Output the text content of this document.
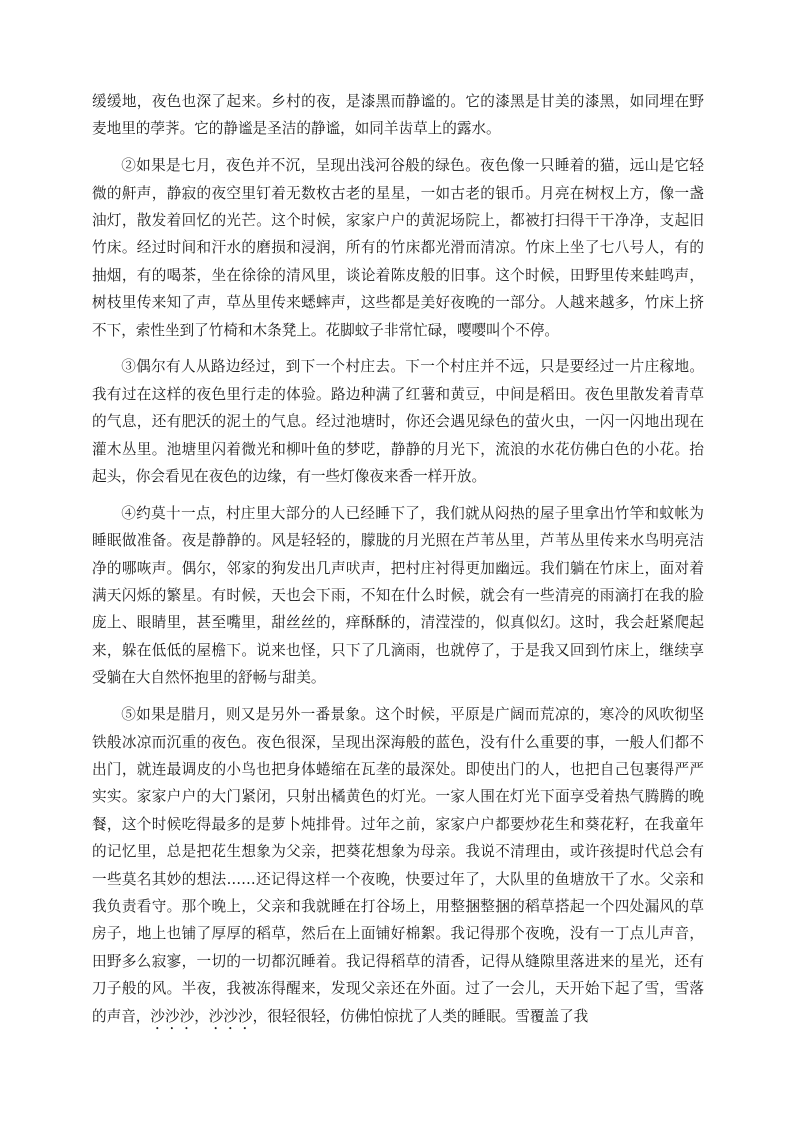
缓缓地，夜色也深了起来。乡村的夜，是漆黑而静谧的。它的漆黑是甘美的漆黑，如同埋在野麦地里的荸荠。它的静谧是圣洁的静谧，如同羊齿草上的露水。

②如果是七月，夜色并不沉，呈现出浅河谷般的绿色。夜色像一只睡着的猫，远山是它轻微的鼾声，静寂的夜空里钉着无数枚古老的星星，一如古老的银币。月亮在树杈上方，像一盏油灯，散发着回忆的光芒。这个时候，家家户户的黄泥场院上，都被打扫得干干净净，支起旧竹床。经过时间和汗水的磨损和浸润，所有的竹床都光滑而清凉。竹床上坐了七八号人，有的抽烟，有的喝茶，坐在徐徐的清风里，谈论着陈皮般的旧事。这个时候，田野里传来蛙鸣声，树枝里传来知了声，草丛里传来蟋蟀声，这些都是美好夜晚的一部分。人越来越多，竹床上挤不下，索性坐到了竹椅和木条凳上。花脚蚊子非常忙碌，嘤嘤叫个不停。

③偶尔有人从路边经过，到下一个村庄去。下一个村庄并不远，只是要经过一片庄稼地。我有过在这样的夜色里行走的体验。路边种满了红薯和黄豆，中间是稻田。夜色里散发着青草的气息，还有肥沃的泥土的气息。经过池塘时，你还会遇见绿色的萤火虫，一闪一闪地出现在灌木丛里。池塘里闪着微光和柳叶鱼的梦呓，静静的月光下，流浪的水花仿佛白色的小花。抬起头，你会看见在夜色的边缘，有一些灯像夜来香一样开放。

④约莫十一点，村庄里大部分的人已经睡下了，我们就从闷热的屋子里拿出竹竿和蚊帐为睡眠做准备。夜是静静的。风是轻轻的，朦胧的月光照在芦苇丛里，芦苇丛里传来水鸟明亮洁净的哪咴声。偶尔，邻家的狗发出几声吠声，把村庄衬得更加幽远。我们躺在竹床上，面对着满天闪烁的繁星。有时候，天也会下雨，不知在什么时候，就会有一些清亮的雨滴打在我的脸庞上、眼睛里，甚至嘴里，甜丝丝的，痒酥酥的，清滢滢的，似真似幻。这时，我会赶紧爬起来，躲在低低的屋檐下。说来也怪，只下了几滴雨，也就停了，于是我又回到竹床上，继续享受躺在大自然怀抱里的舒畅与甜美。

⑤如果是腊月，则又是另外一番景象。这个时候，平原是广阔而荒凉的，寒冷的风吹彻坚铁般冰凉而沉重的夜色。夜色很深，呈现出深海般的蓝色，没有什么重要的事，一般人们都不出门，就连最调皮的小鸟也把身体蜷缩在瓦垄的最深处。即使出门的人，也把自己包裹得严严实实。家家户户的大门紧闭，只射出橘黄色的灯光。一家人围在灯光下面享受着热气腾腾的晚餐，这个时候吃得最多的是萝卜炖排骨。过年之前，家家户户都要炒花生和葵花籽，在我童年的记忆里，总是把花生想象为父亲，把葵花想象为母亲。我说不清理由，或许孩提时代总会有一些莫名其妙的想法……还记得这样一个夜晚，快要过年了，大队里的鱼塘放干了水。父亲和我负责看守。那个晚上，父亲和我就睡在打谷场上，用整捆整捆的稻草搭起一个四处漏风的草房子，地上也铺了厚厚的稻草，然后在上面铺好棉絮。我记得那个夜晚，没有一丁点儿声音，田野多么寂寥，一切的一切都沉睡着。我记得稻草的清香，记得从缝隙里落进来的星光，还有刀子般的风。半夜，我被冻得醒来，发现父亲还在外面。过了一会儿，天开始下起了雪，雪落的声音，沙沙沙，沙沙沙，很轻很轻，仿佛怕惊扰了人类的睡眠。雪覆盖了我
